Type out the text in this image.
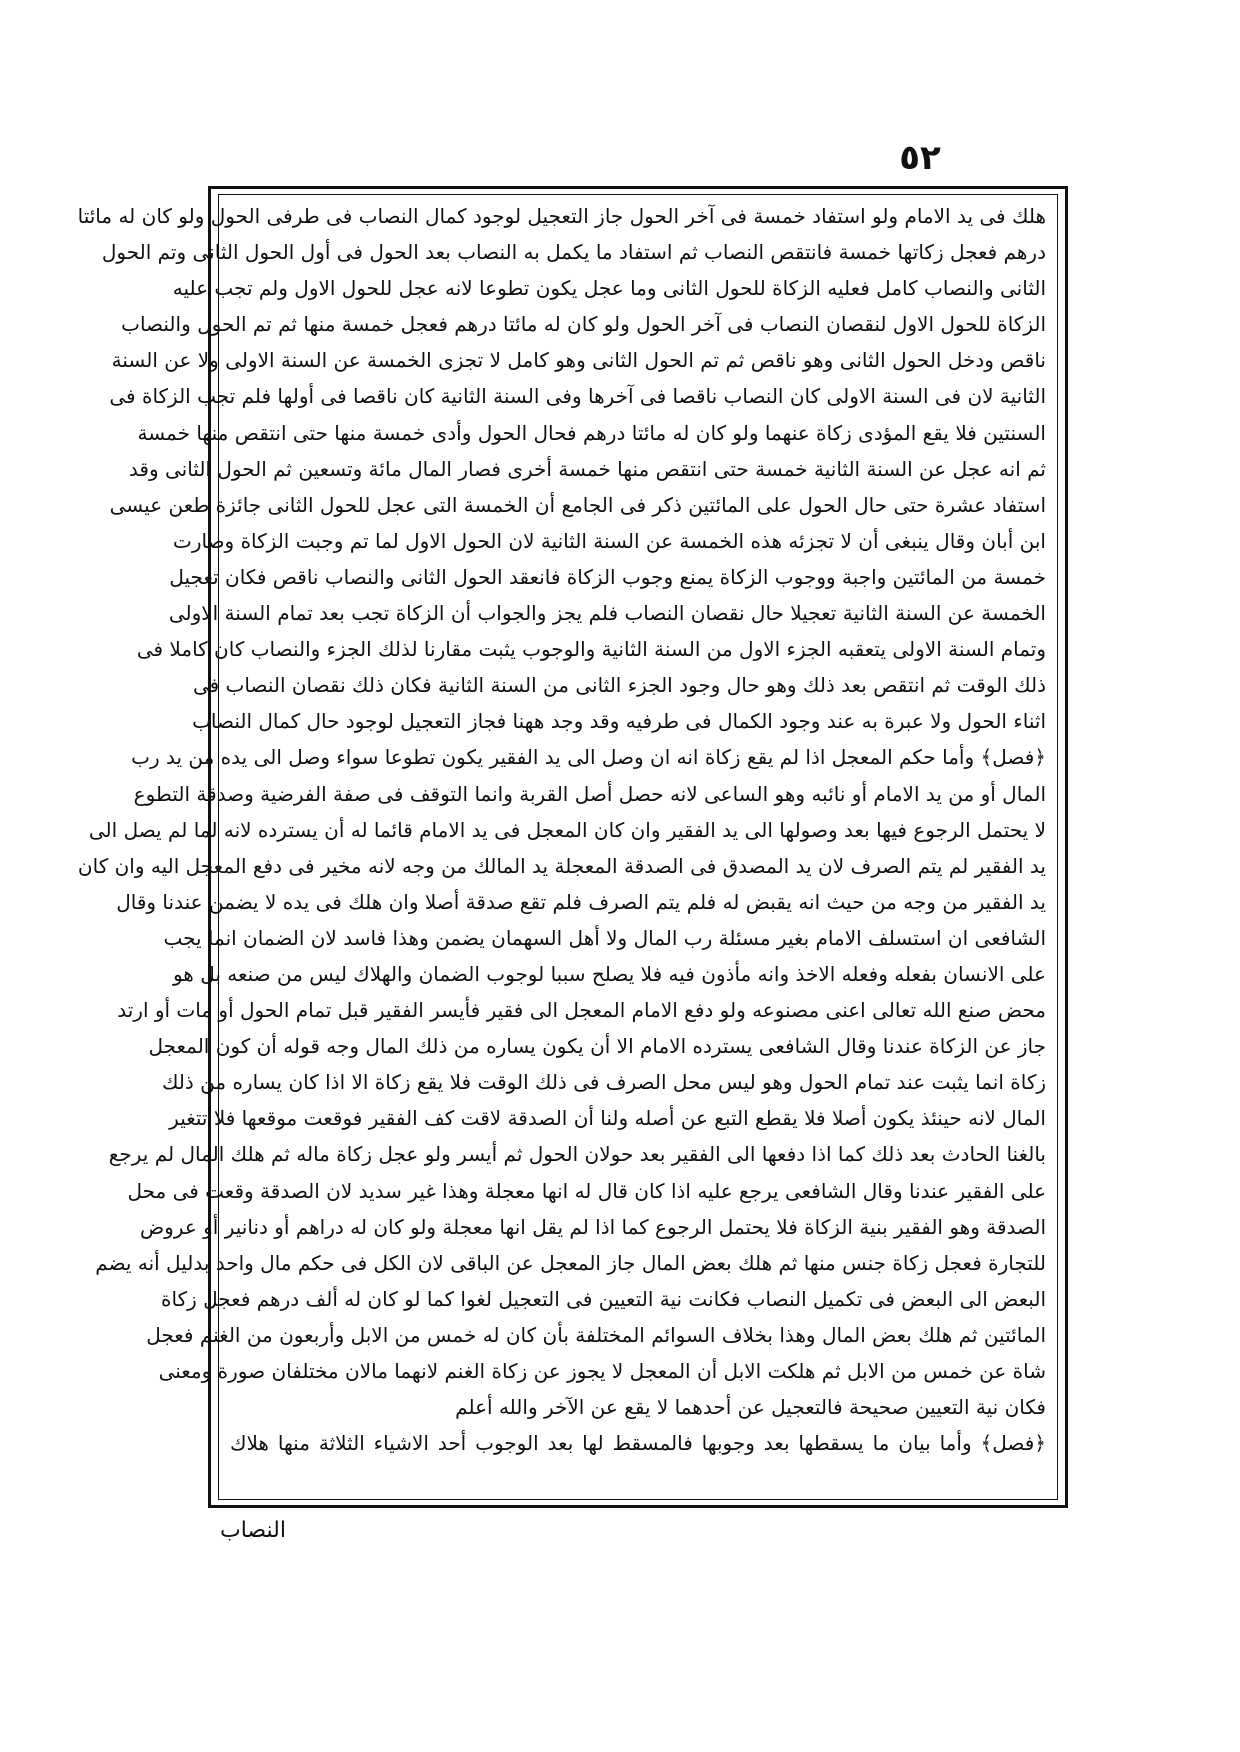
٥٢
هلك فى يد الامام ولو استفاد خمسة فى آخر الحول جاز التعجيل لوجود كمال النصاب فى طرفى الحول ولو كان له مائتا
درهم فعجل زكاتها خمسة فانتقص النصاب ثم استفاد ما يكمل به النصاب بعد الحول فى أول الحول الثانى وتم الحول
الثانى والنصاب كامل فعليه الزكاة للحول الثانى وما عجل يكون تطوعا لانه عجل للحول الاول ولم تجب عليه
الزكاة للحول الاول لنقصان النصاب فى آخر الحول ولو كان له مائتا درهم فعجل خمسة منها ثم تم الحول والنصاب
ناقص ودخل الحول الثانى وهو ناقص ثم تم الحول الثانى وهو كامل لا تجزى الخمسة عن السنة الاولى ولا عن السنة
الثانية لان فى السنة الاولى كان النصاب ناقصا فى آخرها وفى السنة الثانية كان ناقصا فى أولها فلم تجب الزكاة فى
السنتين فلا يقع المؤدى زكاة عنهما ولو كان له مائتا درهم فحال الحول وأدى خمسة منها حتى انتقص منها خمسة
ثم انه عجل عن السنة الثانية خمسة حتى انتقص منها خمسة أخرى فصار المال مائة وتسعين ثم الحول الثانى وقد
استفاد عشرة حتى حال الحول على المائتين ذكر فى الجامع أن الخمسة التى عجل للحول الثانى جائزة طعن عيسى
ابن أبان وقال ينبغى أن لا تجزئه هذه الخمسة عن السنة الثانية لان الحول الاول لما تم وجبت الزكاة وصارت
خمسة من المائتين واجبة ووجوب الزكاة يمنع وجوب الزكاة فانعقد الحول الثانى والنصاب ناقص فكان تعجيل
الخمسة عن السنة الثانية تعجيلا حال نقصان النصاب فلم يجز والجواب أن الزكاة تجب بعد تمام السنة الاولى
وتمام السنة الاولى يتعقبه الجزء الاول من السنة الثانية والوجوب يثبت مقارنا لذلك الجزء والنصاب كان كاملا فى
ذلك الوقت ثم انتقص بعد ذلك وهو حال وجود الجزء الثانى من السنة الثانية فكان ذلك نقصان النصاب فى
اثناء الحول ولا عبرة به عند وجود الكمال فى طرفيه وقد وجد ههنا فجاز التعجيل لوجود حال كمال النصاب
﴿فصل﴾ وأما حكم المعجل اذا لم يقع زكاة انه ان وصل الى يد الفقير يكون تطوعا سواء وصل الى يده من يد رب
المال أو من يد الامام أو نائبه وهو الساعى لانه حصل أصل القربة وانما التوقف فى صفة الفرضية وصدقة التطوع
لا يحتمل الرجوع فيها بعد وصولها الى يد الفقير وان كان المعجل فى يد الامام قائما له أن يسترده لانه لما لم يصل الى
يد الفقير لم يتم الصرف لان يد المصدق فى الصدقة المعجلة يد المالك من وجه لانه مخير فى دفع المعجل اليه وان كان
يد الفقير من وجه من حيث انه يقبض له فلم يتم الصرف فلم تقع صدقة أصلا وان هلك فى يده لا يضمن عندنا وقال
الشافعى ان استسلف الامام بغير مسئلة رب المال ولا أهل السهمان يضمن وهذا فاسد لان الضمان انما يجب
على الانسان بفعله وفعله الاخذ وانه مأذون فيه فلا يصلح سببا لوجوب الضمان والهلاك ليس من صنعه بل هو
محض صنع الله تعالى اعنى مصنوعه ولو دفع الامام المعجل الى فقير فأيسر الفقير قبل تمام الحول أو مات أو ارتد
جاز عن الزكاة عندنا وقال الشافعى يسترده الامام الا أن يكون يساره من ذلك المال وجه قوله أن كون المعجل
زكاة انما يثبت عند تمام الحول وهو ليس محل الصرف فى ذلك الوقت فلا يقع زكاة الا اذا كان يساره من ذلك
المال لانه حينئذ يكون أصلا فلا يقطع التبع عن أصله ولنا أن الصدقة لاقت كف الفقير فوقعت موقعها فلا تتغير
بالغنا الحادث بعد ذلك كما اذا دفعها الى الفقير بعد حولان الحول ثم أيسر ولو عجل زكاة ماله ثم هلك المال لم يرجع
على الفقير عندنا وقال الشافعى يرجع عليه اذا كان قال له انها معجلة وهذا غير سديد لان الصدقة وقعت فى محل
الصدقة وهو الفقير بنية الزكاة فلا يحتمل الرجوع كما اذا لم يقل انها معجلة ولو كان له دراهم أو دنانير أو عروض
للتجارة فعجل زكاة جنس منها ثم هلك بعض المال جاز المعجل عن الباقى لان الكل فى حكم مال واحد بدليل أنه يضم
البعض الى البعض فى تكميل النصاب فكانت نية التعيين فى التعجيل لغوا كما لو كان له ألف درهم فعجل زكاة
المائتين ثم هلك بعض المال وهذا بخلاف السوائم المختلفة بأن كان له خمس من الابل وأربعون من الغنم فعجل
شاة عن خمس من الابل ثم هلكت الابل أن المعجل لا يجوز عن زكاة الغنم لانهما مالان مختلفان صورة ومعنى
فكان نية التعيين صحيحة فالتعجيل عن أحدهما لا يقع عن الآخر والله أعلم
﴿فصل﴾ وأما بيان ما يسقطها بعد وجوبها فالمسقط لها بعد الوجوب أحد الاشياء الثلاثة منها هلاك
النصاب
